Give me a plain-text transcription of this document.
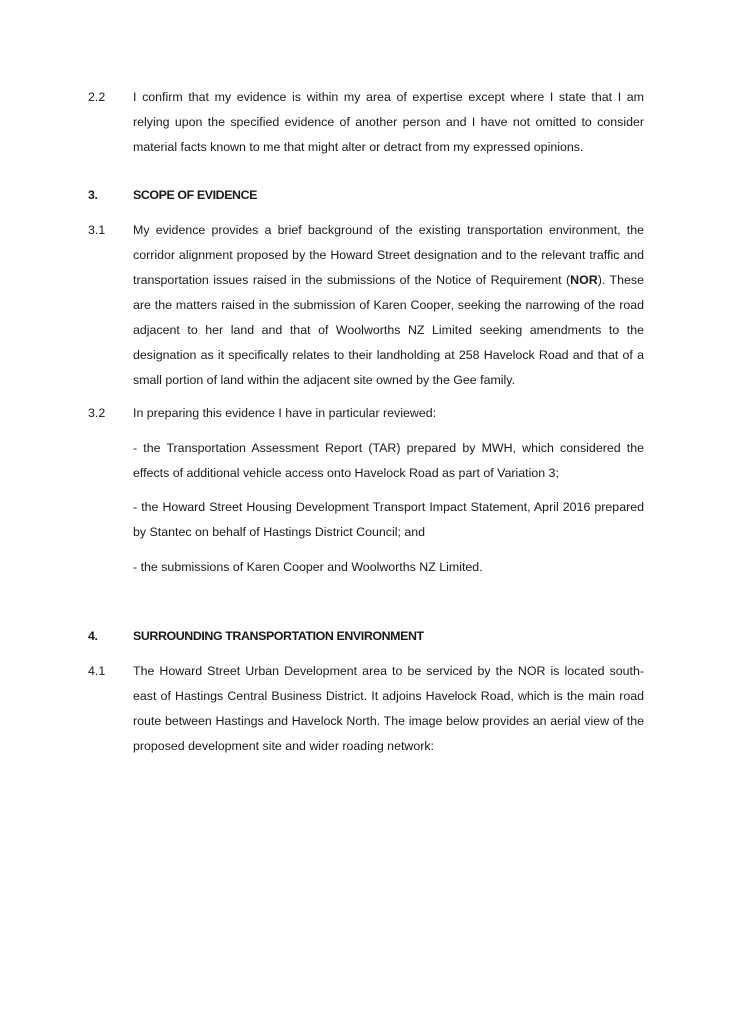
2.2	I confirm that my evidence is within my area of expertise except where I state that I am relying upon the specified evidence of another person and I have not omitted to consider material facts known to me that might alter or detract from my expressed opinions.
3.	SCOPE OF EVIDENCE
3.1	My evidence provides a brief background of the existing transportation environment, the corridor alignment proposed by the Howard Street designation and to the relevant traffic and transportation issues raised in the submissions of the Notice of Requirement (NOR). These are the matters raised in the submission of Karen Cooper, seeking the narrowing of the road adjacent to her land and that of Woolworths NZ Limited seeking amendments to the designation as it specifically relates to their landholding at 258 Havelock Road and that of a small portion of land within the adjacent site owned by the Gee family.
3.2	In preparing this evidence I have in particular reviewed:
- the Transportation Assessment Report (TAR) prepared by MWH, which considered the effects of additional vehicle access onto Havelock Road as part of Variation 3;
- the Howard Street Housing Development Transport Impact Statement, April 2016 prepared by Stantec on behalf of Hastings District Council; and
- the submissions of Karen Cooper and Woolworths NZ Limited.
4.	SURROUNDING TRANSPORTATION ENVIRONMENT
4.1	The Howard Street Urban Development area to be serviced by the NOR is located south-east of Hastings Central Business District. It adjoins Havelock Road, which is the main road route between Hastings and Havelock North. The image below provides an aerial view of the proposed development site and wider roading network:
